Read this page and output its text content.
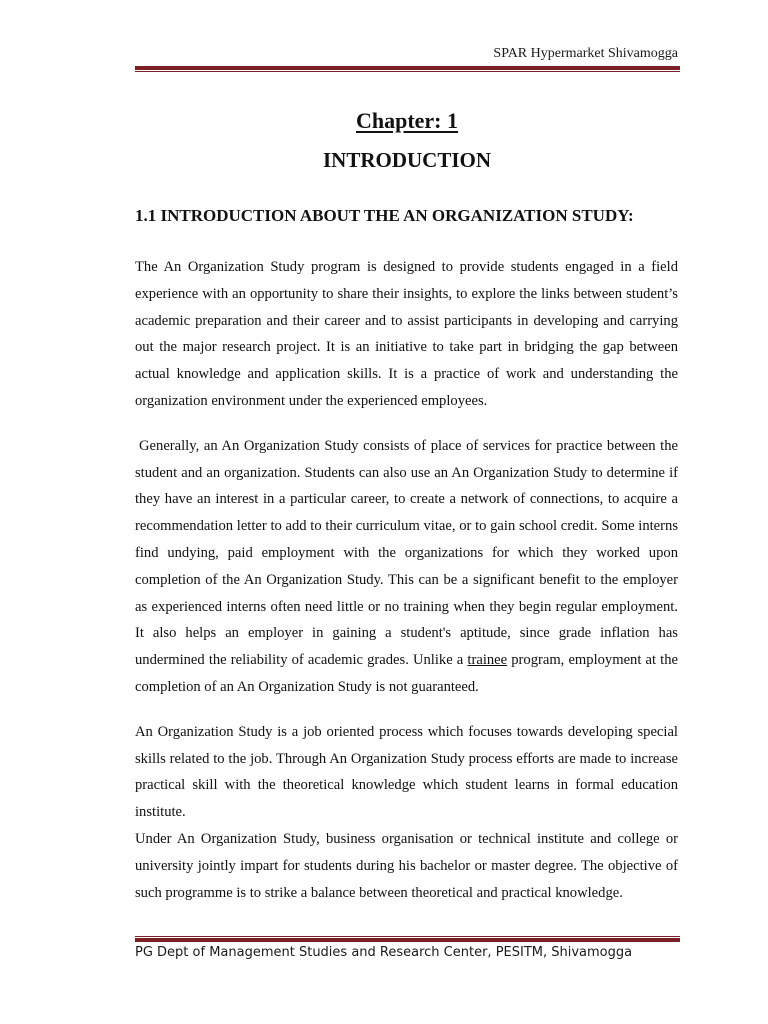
SPAR Hypermarket Shivamogga
Chapter: 1
INTRODUCTION
1.1 INTRODUCTION ABOUT THE AN ORGANIZATION STUDY:

The An Organization Study program is designed to provide students engaged in a field experience with an opportunity to share their insights, to explore the links between student’s academic preparation and their career and to assist participants in developing and carrying out the major research project. It is an initiative to take part in bridging the gap between actual knowledge and application skills. It is a practice of work and understanding the organization environment under the experienced employees.

Generally, an An Organization Study consists of place of services for practice between the student and an organization. Students can also use an An Organization Study to determine if they have an interest in a particular career, to create a network of connections, to acquire a recommendation letter to add to their curriculum vitae, or to gain school credit. Some interns find undying, paid employment with the organizations for which they worked upon completion of the An Organization Study. This can be a significant benefit to the employer as experienced interns often need little or no training when they begin regular employment. It also helps an employer in gaining a student's aptitude, since grade inflation has undermined the reliability of academic grades. Unlike a trainee program, employment at the completion of an An Organization Study is not guaranteed.

An Organization Study is a job oriented process which focuses towards developing special skills related to the job. Through An Organization Study process efforts are made to increase practical skill with the theoretical knowledge which student learns in formal education institute.

Under An Organization Study, business organisation or technical institute and college or university jointly impart for students during his bachelor or master degree. The objective of such programme is to strike a balance between theoretical and practical knowledge.

PG Dept of Management Studies and Research Center, PESITM, Shivamogga
